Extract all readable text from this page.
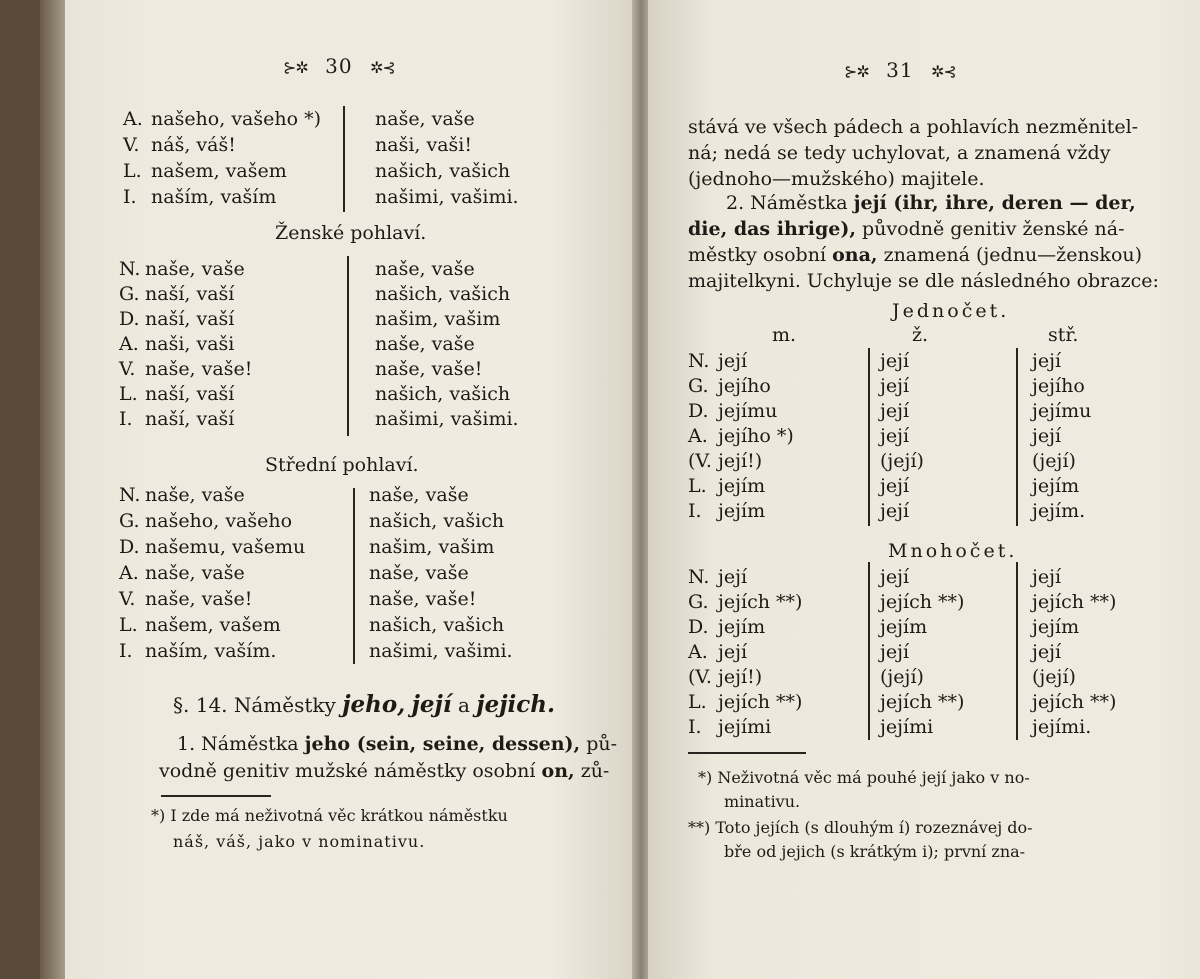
⊱✲ 30 ✲⊰
A. našeho, vašeho *)	naše, vaše
V. náš, váš!	naši, vaši!
L. našem, vašem	našich, vašich
I. naším, vaším	našimi, vašimi.
Ženské pohlaví.
N. naše, vaše	naše, vaše
G. naší, vaší	našich, vašich
D. naší, vaší	našim, vašim
A. naši, vaši	naše, vaše
V. naše, vaše!	naše, vaše!
L. naší, vaší	našich, vašich
I. naší, vaší	našimi, vašimi.
Střední pohlaví.
N. naše, vaše	naše, vaše
G. našeho, vašeho	našich, vašich
D. našemu, vašemu	našim, vašim
A. naše, vaše	naše, vaše
V. naše, vaše!	naše, vaše!
L. našem, vašem	našich, vašich
I. naším, vaším.	našimi, vašimi.
§. 14. Náměstky jeho, její a jejich.
1. Náměstka jeho (sein, seine, dessen), pů-
vodně genitiv mužské náměstky osobní on, zů-
*) I zde má neživotná věc krátkou náměstku
náš, váš, jako v nominativu.
⊱✲ 31 ✲⊰
stává ve všech pádech a pohlavích nezměnitel-
ná; nedá se tedy uchylovat, a znamená vždy
(jednoho—mužského) majitele.
2. Náměstka její (ihr, ihre, deren — der,
die, das ihrige), původně genitiv ženské ná-
městky osobní ona, znamená (jednu—ženskou)
majitelkyni. Uchyluje se dle následného obrazce:
Jednočet.
m.	ž.	stř.
N. její	její	její
G. jejího	její	jejího
D. jejímu	její	jejímu
A. jejího *)	její	její
(V. její!)	(její)	(její)
L. jejím	její	jejím
I. jejím	její	jejím.
Mnohočet.
N. její	její	její
G. jejích **)	jejích **)	jejích **)
D. jejím	jejím	jejím
A. její	její	její
(V. její!)	(její)	(její)
L. jejích **)	jejích **)	jejích **)
I. jejími	jejími	jejími.
*) Neživotná věc má pouhé její jako v no-
minativu.
**) Toto jejích (s dlouhým í) rozeznávej do-
bře od jejich (s krátkým i); první zna-
